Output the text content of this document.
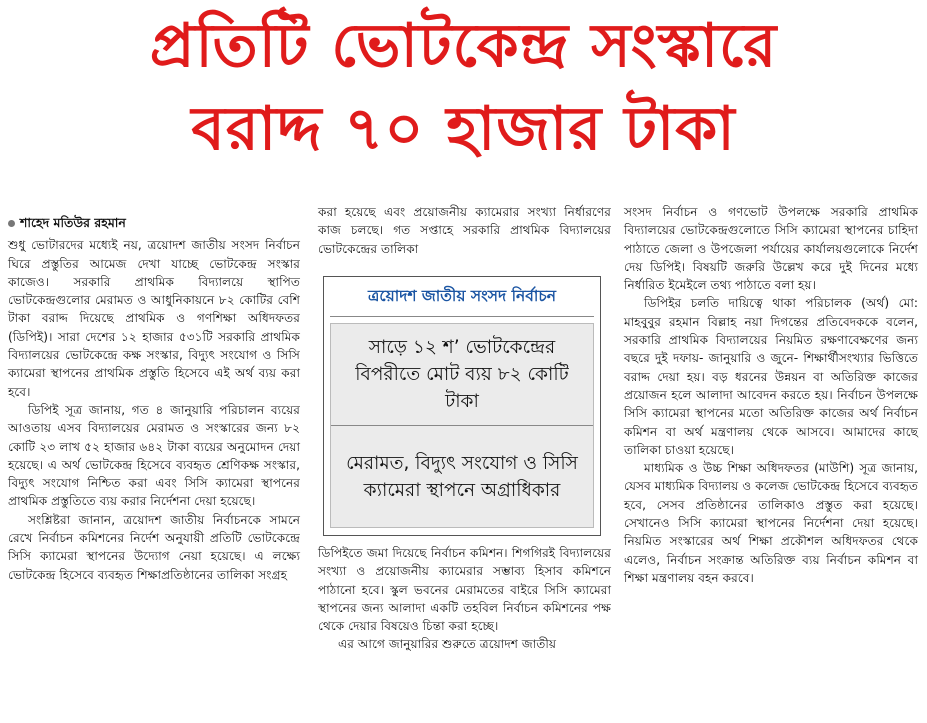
প্রতিটি ভোটকেন্দ্র সংস্কারে
বরাদ্দ ৭০ হাজার টাকা
শাহেদ মতিউর রহমান

শুধু ভোটারদের মধ্যেই নয়, ত্রয়োদশ জাতীয় সংসদ নির্বাচন ঘিরে প্রস্তুতির আমেজ দেখা যাচ্ছে ভোটকেন্দ্র সংস্কার কাজেও। সরকারি প্রাথমিক বিদ্যালয়ে স্থাপিত ভোটকেন্দ্রগুলোর মেরামত ও আধুনিকায়নে ৮২ কোটির বেশি টাকা বরাদ্দ দিয়েছে প্রাথমিক ও গণশিক্ষা অধিদফতর (ডিপিই)। সারা দেশের ১২ হাজার ৫৩১টি সরকারি প্রাথমিক বিদ্যালয়ের ভোটকেন্দ্রে কক্ষ সংস্কার, বিদ্যুৎ সংযোগ ও সিসি ক্যামেরা স্থাপনের প্রাথমিক প্রস্তুতি হিসেবে এই অর্থ ব্যয় করা হবে।

ডিপিই সূত্র জানায়, গত ৪ জানুয়ারি পরিচালন ব্যয়ের আওতায় এসব বিদ্যালয়ের মেরামত ও সংস্কারের জন্য ৮২ কোটি ২৩ লাখ ৫২ হাজার ৬৪২ টাকা ব্যয়ের অনুমোদন দেয়া হয়েছে। এ অর্থ ভোটকেন্দ্র হিসেবে ব্যবহৃত শ্রেণিকক্ষ সংস্কার, বিদ্যুৎ সংযোগ নিশ্চিত করা এবং সিসি ক্যামেরা স্থাপনের প্রাথমিক প্রস্তুতিতে ব্যয় করার নির্দেশনা দেয়া হয়েছে।

সংশ্লিষ্টরা জানান, ত্রয়োদশ জাতীয় নির্বাচনকে সামনে রেখে নির্বাচন কমিশনের নির্দেশ অনুযায়ী প্রতিটি ভোটকেন্দ্রে সিসি ক্যামেরা স্থাপনের উদ্যোগ নেয়া হয়েছে। এ লক্ষ্যে ভোটকেন্দ্র হিসেবে ব্যবহৃত শিক্ষাপ্রতিষ্ঠানের তালিকা সংগ্রহ

করা হয়েছে এবং প্রয়োজনীয় ক্যামেরার সংখ্যা নির্ধারণের কাজ চলছে। গত সপ্তাহে সরকারি প্রাথমিক বিদ্যালয়ের ভোটকেন্দ্রের তালিকা

ত্রয়োদশ জাতীয় সংসদ নির্বাচন
সাড়ে ১২ শ’ ভোটকেন্দ্রের বিপরীতে মোট ব্যয় ৮২ কোটি টাকা
মেরামত, বিদ্যুৎ সংযোগ ও সিসি ক্যামেরা স্থাপনে অগ্রাধিকার

ডিপিইতে জমা দিয়েছে নির্বাচন কমিশন। শিগগিরই বিদ্যালয়ের সংখ্যা ও প্রয়োজনীয় ক্যামেরার সম্ভাব্য হিসাব কমিশনে পাঠানো হবে। স্কুল ভবনের মেরামতের বাইরে সিসি ক্যামেরা স্থাপনের জন্য আলাদা একটি তহবিল নির্বাচন কমিশনের পক্ষ থেকে দেয়ার বিষয়েও চিন্তা করা হচ্ছে।

এর আগে জানুয়ারির শুরুতে ত্রয়োদশ জাতীয়

সংসদ নির্বাচন ও গণভোট উপলক্ষে সরকারি প্রাথমিক বিদ্যালয়ের ভোটকেন্দ্রগুলোতে সিসি ক্যামেরা স্থাপনের চাহিদা পাঠাতে জেলা ও উপজেলা পর্যায়ের কার্যালয়গুলোকে নির্দেশ দেয় ডিপিই। বিষয়টি জরুরি উল্লেখ করে দুই দিনের মধ্যে নির্ধারিত ইমেইলে তথ্য পাঠাতে বলা হয়।

ডিপিইর চলতি দায়িত্বে থাকা পরিচালক (অর্থ) মো: মাহবুবুর রহমান বিল্লাহ নয়া দিগন্তের প্রতিবেদককে বলেন, সরকারি প্রাথমিক বিদ্যালয়ের নিয়মিত রক্ষণাবেক্ষণের জন্য বছরে দুই দফায়- জানুয়ারি ও জুনে- শিক্ষার্থীসংখ্যার ভিত্তিতে বরাদ্দ দেয়া হয়। বড় ধরনের উন্নয়ন বা অতিরিক্ত কাজের প্রয়োজন হলে আলাদা আবেদন করতে হয়। নির্বাচন উপলক্ষে সিসি ক্যামেরা স্থাপনের মতো অতিরিক্ত কাজের অর্থ নির্বাচন কমিশন বা অর্থ মন্ত্রণালয় থেকে আসবে। আমাদের কাছে তালিকা চাওয়া হয়েছে।

মাধ্যমিক ও উচ্চ শিক্ষা অধিদফতর (মাউশি) সূত্র জানায়, যেসব মাধ্যমিক বিদ্যালয় ও কলেজ ভোটকেন্দ্র হিসেবে ব্যবহৃত হবে, সেসব প্রতিষ্ঠানের তালিকাও প্রস্তুত করা হয়েছে। সেখানেও সিসি ক্যামেরা স্থাপনের নির্দেশনা দেয়া হয়েছে। নিয়মিত সংস্কারের অর্থ শিক্ষা প্রকৌশল অধিদফতর থেকে এলেও, নির্বাচন সংক্রান্ত অতিরিক্ত ব্যয় নির্বাচন কমিশন বা শিক্ষা মন্ত্রণালয় বহন করবে।
